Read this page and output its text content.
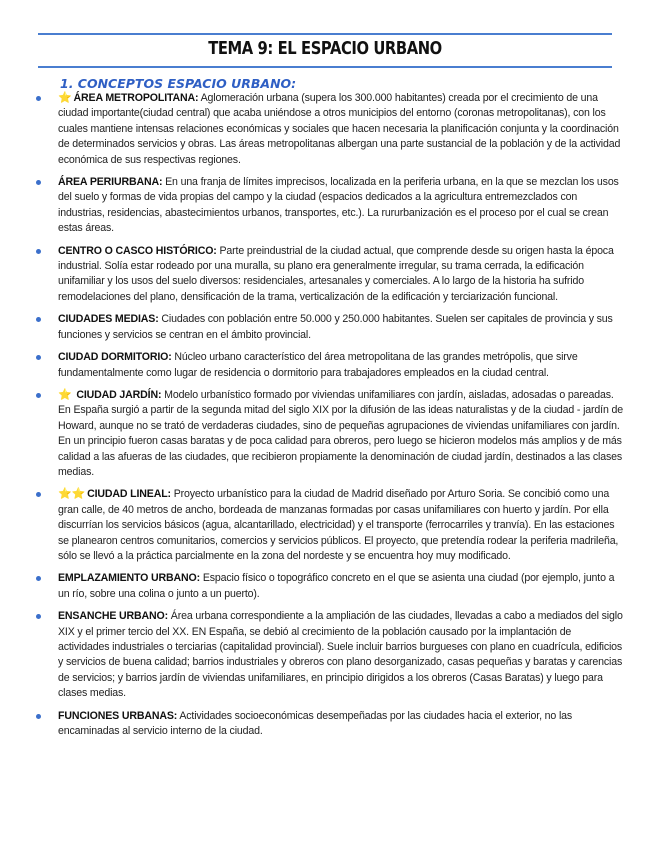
TEMA 9: EL ESPACIO URBANO
1. CONCEPTOS ESPACIO URBANO:
⭐ ÁREA METROPOLITANA: Aglomeración urbana (supera los 300.000 habitantes) creada por el crecimiento de una ciudad importante(ciudad central) que acaba uniéndose a otros municipios del entorno (coronas metropolitanas), con los cuales mantiene intensas relaciones económicas y sociales que hacen necesaria la planificación conjunta y la coordinación de determinados servicios y obras. Las áreas metropolitanas albergan una parte sustancial de la población y de la actividad económica de sus respectivas regiones.
ÁREA PERIURBANA: En una franja de límites imprecisos, localizada en la periferia urbana, en la que se mezclan los usos del suelo y formas de vida propias del campo y la ciudad (espacios dedicados a la agricultura entremezclados con industrias, residencias, abastecimientos urbanos, transportes, etc.). La rururbanización es el proceso por el cual se crean estas áreas.
CENTRO O CASCO HISTÓRICO: Parte preindustrial de la ciudad actual, que comprende desde su origen hasta la época industrial. Solía estar rodeado por una muralla, su plano era generalmente irregular, su trama cerrada, la edificación unifamiliar y los usos del suelo diversos: residenciales, artesanales y comerciales. A lo largo de la historia ha sufrido remodelaciones del plano, densificación de la trama, verticalización de la edificación y terciarización funcional.
CIUDADES MEDIAS: Ciudades con población entre 50.000 y 250.000 habitantes. Suelen ser capitales de provincia y sus funciones y servicios se centran en el ámbito provincial.
CIUDAD DORMITORIO: Núcleo urbano característico del área metropolitana de las grandes metrópolis, que sirve fundamentalmente como lugar de residencia o dormitorio para trabajadores empleados en la ciudad central.
⭐ CIUDAD JARDÍN: Modelo urbanístico formado por viviendas unifamiliares con jardín, aisladas, adosadas o pareadas. En España surgió a partir de la segunda mitad del siglo XIX por la difusión de las ideas naturalistas y de la ciudad - jardín de Howard, aunque no se trató de verdaderas ciudades, sino de pequeñas agrupaciones de viviendas unifamiliares con jardín. En un principio fueron casas baratas y de poca calidad para obreros, pero luego se hicieron modelos más amplios y de más calidad a las afueras de las ciudades, que recibieron propiamente la denominación de ciudad jardín, destinados a las clases medias.
⭐⭐ CIUDAD LINEAL: Proyecto urbanístico para la ciudad de Madrid diseñado por Arturo Soria. Se concibió como una gran calle, de 40 metros de ancho, bordeada de manzanas formadas por casas unifamiliares con huerto y jardín. Por ella discurrían los servicios básicos (agua, alcantarillado, electricidad) y el transporte (ferrocarriles y tranvía). En las estaciones se planearon centros comunitarios, comercios y servicios públicos. El proyecto, que pretendía rodear la periferia madrileña, sólo se llevó a la práctica parcialmente en la zona del nordeste y se encuentra hoy muy modificado.
EMPLAZAMIENTO URBANO: Espacio físico o topográfico concreto en el que se asienta una ciudad (por ejemplo, junto a un río, sobre una colina o junto a un puerto).
ENSANCHE URBANO: Área urbana correspondiente a la ampliación de las ciudades, llevadas a cabo a mediados del siglo XIX y el primer tercio del XX. EN España, se debió al crecimiento de la población causado por la implantación de actividades industriales o terciarias (capitalidad provincial). Suele incluir barrios burgueses con plano en cuadrícula, edificios y servicios de buena calidad; barrios industriales y obreros con plano desorganizado, casas pequeñas y baratas y carencias de servicios; y barrios jardín de viviendas unifamiliares, en principio dirigidos a los obreros (Casas Baratas) y luego para clases medias.
FUNCIONES URBANAS: Actividades socioeconómicas desempeñadas por las ciudades hacia el exterior, no las encaminadas al servicio interno de la ciudad.
